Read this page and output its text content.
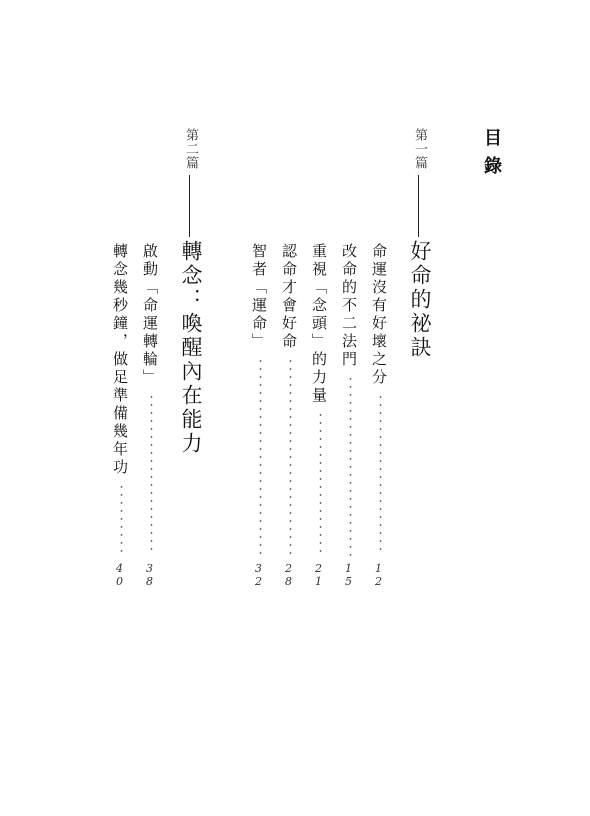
目錄
第一篇
好命的祕訣
命運沒有好壞之分
12
改命的不二法門
15
重視「念頭」的力量
21
認命才會好命
28
智者「運命」
32
第二篇
轉念：喚醒內在能力
啟動「命運轉輪」
38
轉念幾秒鐘，做足準備幾年功
40
